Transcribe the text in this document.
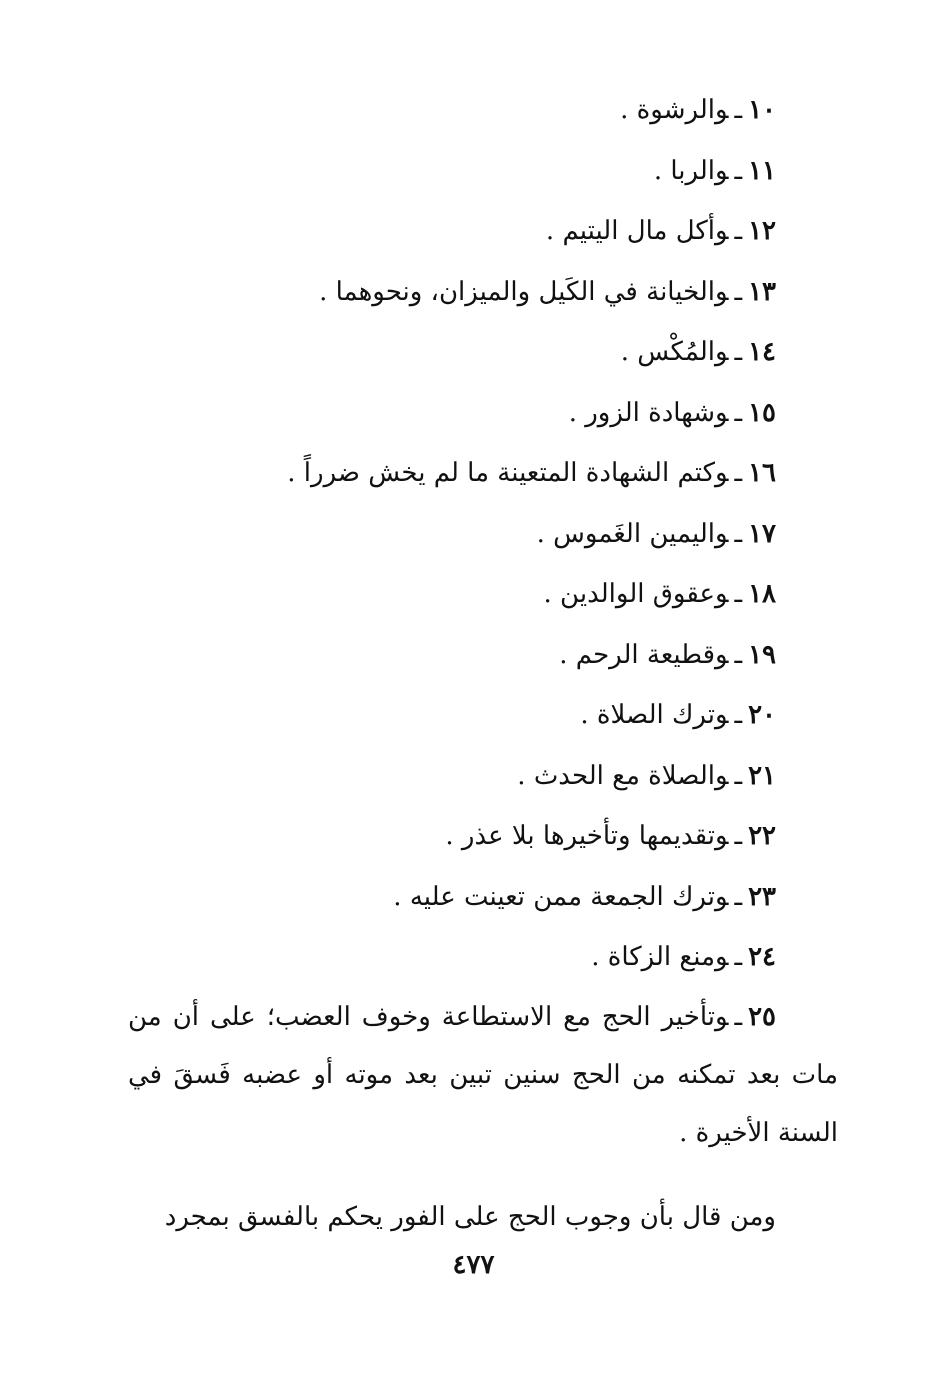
١٠ـوالرشوة .
١١ـوالربا .
١٢ـوأكل مال اليتيم .
١٣ـوالخيانة في الكَيل والميزان، ونحوهما .
١٤ـوالمُكْس .
١٥ـوشهادة الزور .
١٦ـوكتم الشهادة المتعينة ما لم يخش ضرراً .
١٧ـواليمين الغَموس .
١٨ـوعقوق الوالدين .
١٩ـوقطيعة الرحم .
٢٠ـوترك الصلاة .
٢١ـوالصلاة مع الحدث .
٢٢ـوتقديمها وتأخيرها بلا عذر .
٢٣ـوترك الجمعة ممن تعينت عليه .
٢٤ـومنع الزكاة .

٢٥ـوتأخير الحج مع الاستطاعة وخوف العضب؛ على أن من مات بعد تمكنه من الحج سنين تبين بعد موته أو عضبه فَسقَ في السنة الأخيرة .

ومن قال بأن وجوب الحج على الفور يحكم بالفسق بمجرد

٤٧٧
